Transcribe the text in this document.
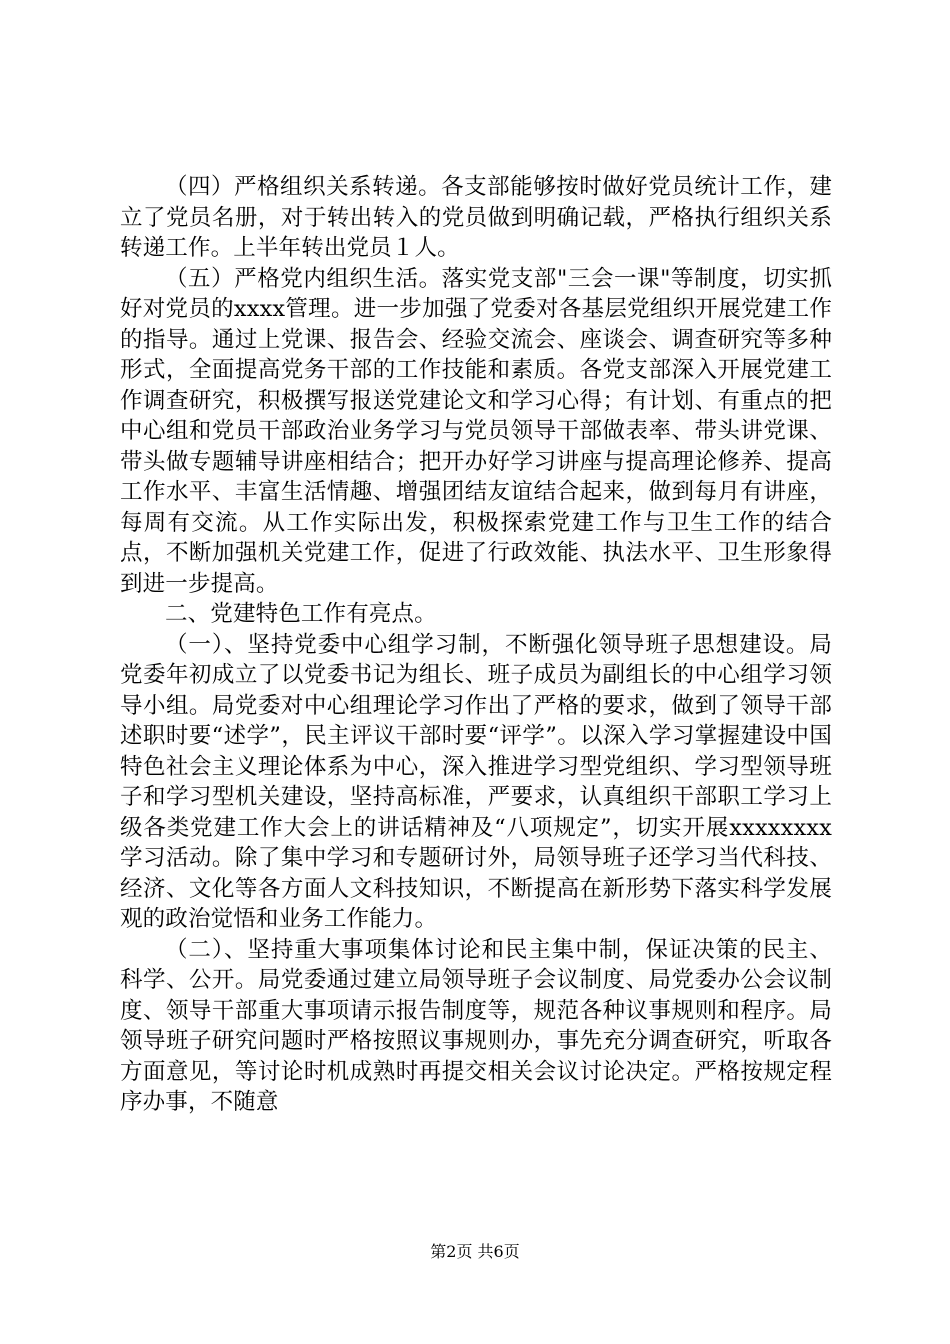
（四）严格组织关系转递。各支部能够按时做好党员统计工作，建立了党员名册，对于转出转入的党员做到明确记载，严格执行组织关系转递工作。上半年转出党员１人。

（五）严格党内组织生活。落实党支部"三会一课"等制度，切实抓好对党员的xxxx管理。进一步加强了党委对各基层党组织开展党建工作的指导。通过上党课、报告会、经验交流会、座谈会、调查研究等多种形式，全面提高党务干部的工作技能和素质。各党支部深入开展党建工作调查研究，积极撰写报送党建论文和学习心得；有计划、有重点的把中心组和党员干部政治业务学习与党员领导干部做表率、带头讲党课、带头做专题辅导讲座相结合；把开办好学习讲座与提高理论修养、提高工作水平、丰富生活情趣、增强团结友谊结合起来，做到每月有讲座，每周有交流。从工作实际出发，积极探索党建工作与卫生工作的结合点，不断加强机关党建工作，促进了行政效能、执法水平、卫生形象得到进一步提高。

二、党建特色工作有亮点。

（一）、坚持党委中心组学习制，不断强化领导班子思想建设。局党委年初成立了以党委书记为组长、班子成员为副组长的中心组学习领导小组。局党委对中心组理论学习作出了严格的要求，做到了领导干部述职时要“述学”，民主评议干部时要“评学”。以深入学习掌握建设中国特色社会主义理论体系为中心，深入推进学习型党组织、学习型领导班子和学习型机关建设，坚持高标准，严要求，认真组织干部职工学习上级各类党建工作大会上的讲话精神及“八项规定”，切实开展xxxxxxxx学习活动。除了集中学习和专题研讨外，局领导班子还学习当代科技、经济、文化等各方面人文科技知识，不断提高在新形势下落实科学发展观的政治觉悟和业务工作能力。

（二）、坚持重大事项集体讨论和民主集中制，保证决策的民主、科学、公开。局党委通过建立局领导班子会议制度、局党委办公会议制度、领导干部重大事项请示报告制度等，规范各种议事规则和程序。局领导班子研究问题时严格按照议事规则办，事先充分调查研究，听取各方面意见，等讨论时机成熟时再提交相关会议讨论决定。严格按规定程序办事，不随意

第2页 共6页
